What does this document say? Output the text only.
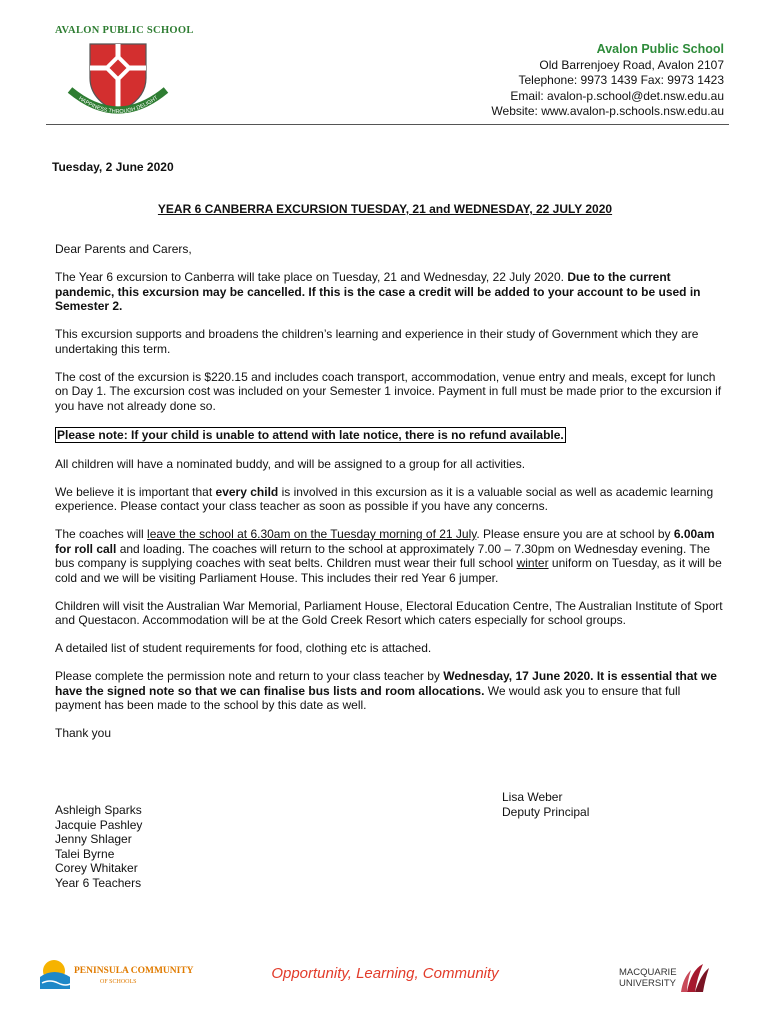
AVALON PUBLIC SCHOOL
HAPPINESS THROUGH DELIGHT
Avalon Public School
Old Barrenjoey Road, Avalon 2107
Telephone: 9973 1439 Fax: 9973 1423
Email: avalon-p.school@det.nsw.edu.au
Website: www.avalon-p.schools.nsw.edu.au
Tuesday, 2 June 2020
YEAR 6 CANBERRA EXCURSION TUESDAY, 21 and WEDNESDAY, 22 JULY 2020

Dear Parents and Carers,

The Year 6 excursion to Canberra will take place on Tuesday, 21 and Wednesday, 22 July 2020. Due to the current pandemic, this excursion may be cancelled. If this is the case a credit will be added to your account to be used in Semester 2.

This excursion supports and broadens the children’s learning and experience in their study of Government which they are undertaking this term.

The cost of the excursion is $220.15 and includes coach transport, accommodation, venue entry and meals, except for lunch on Day 1. The excursion cost was included on your Semester 1 invoice. Payment in full must be made prior to the excursion if you have not already done so.

Please note: If your child is unable to attend with late notice, there is no refund available.

All children will have a nominated buddy, and will be assigned to a group for all activities.

We believe it is important that every child is involved in this excursion as it is a valuable social as well as academic learning experience. Please contact your class teacher as soon as possible if you have any concerns.

The coaches will leave the school at 6.30am on the Tuesday morning of 21 July. Please ensure you are at school by 6.00am for roll call and loading. The coaches will return to the school at approximately 7.00 – 7.30pm on Wednesday evening. The bus company is supplying coaches with seat belts. Children must wear their full school winter uniform on Tuesday, as it will be cold and we will be visiting Parliament House. This includes their red Year 6 jumper.

Children will visit the Australian War Memorial, Parliament House, Electoral Education Centre, The Australian Institute of Sport and Questacon. Accommodation will be at the Gold Creek Resort which caters especially for school groups.

A detailed list of student requirements for food, clothing etc is attached.

Please complete the permission note and return to your class teacher by Wednesday, 17 June 2020. It is essential that we have the signed note so that we can finalise bus lists and room allocations. We would ask you to ensure that full payment has been made to the school by this date as well.

Thank you

Lisa Weber
Deputy Principal
Ashleigh Sparks
Jacquie Pashley
Jenny Shlager
Talei Byrne
Corey Whitaker
Year 6 Teachers
PENINSULA COMMUNITY
OF SCHOOLS	Opportunity, Learning, Community	MACQUARIE
UNIVERSITY
